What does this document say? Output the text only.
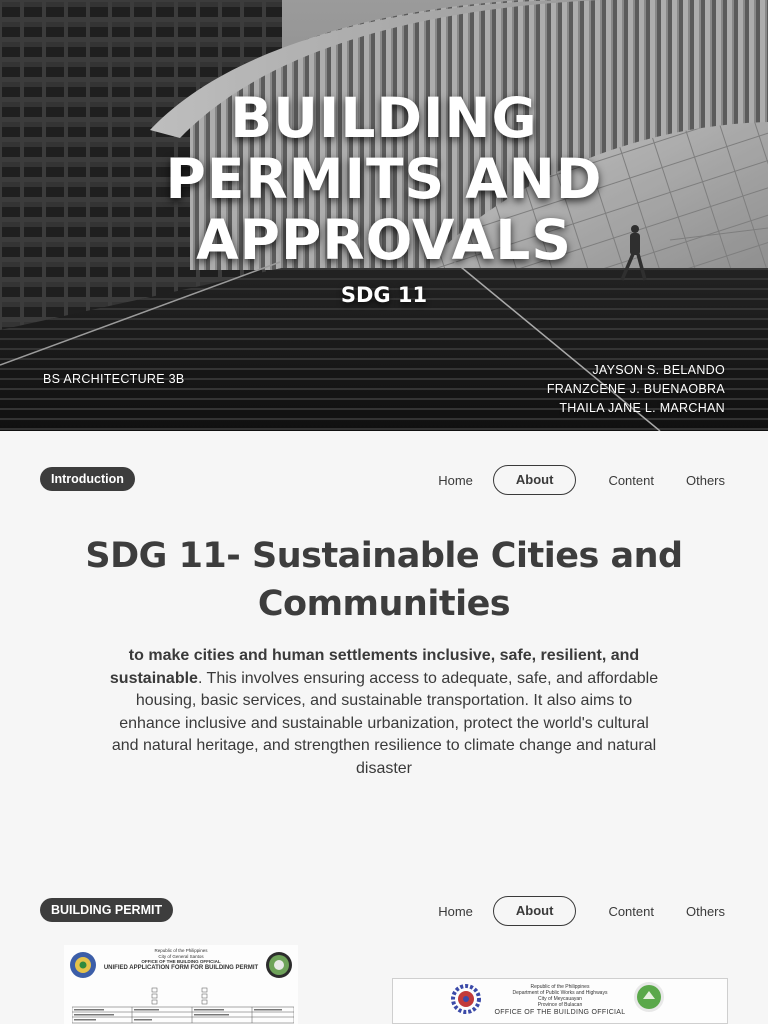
BUILDING
PERMITS AND
APPROVALS
SDG 11
BS ARCHITECTURE 3B
JAYSON S. BELANDO
FRANZCENE J. BUENAOBRA
THAILA JANE L. MARCHAN
Introduction	Home	About	Content Others
SDG 11- Sustainable Cities and
Communities

to make cities and human settlements inclusive, safe, resilient, and sustainable. This involves ensuring access to adequate, safe, and affordable housing, basic services, and sustainable transportation. It also aims to enhance inclusive and sustainable urbanization, protect the world's cultural and natural heritage, and strengthen resilience to climate change and natural disaster

BUILDING PERMIT	Home	About	Content Others
Republic of the Philippines
City of General Santos
OFFICE OF THE BUILDING OFFICIAL
UNIFIED APPLICATION FORM FOR BUILDING PERMIT
Republic of the Philippines
Department of Public Works and Highways
City of Meycauayan
Province of Bulacan
OFFICE OF THE BUILDING OFFICIAL
